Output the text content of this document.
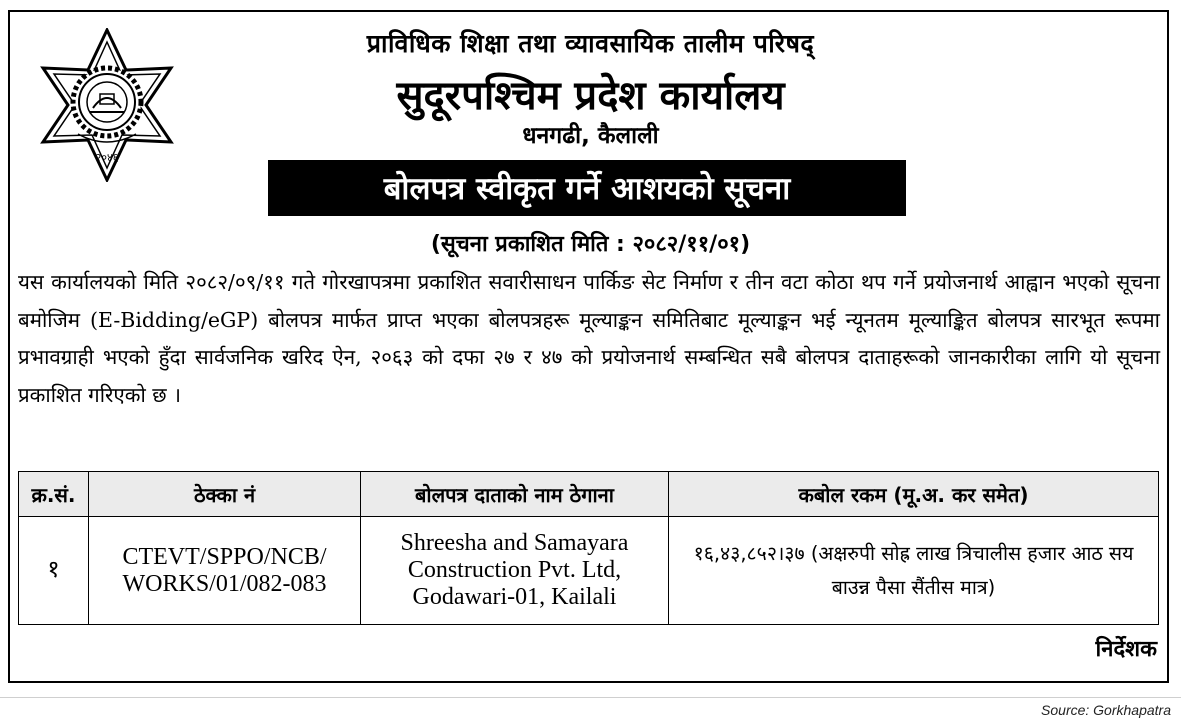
२०४६
प्राविधिक शिक्षा तथा व्यावसायिक तालीम परिषद्
सुदूरपश्चिम प्रदेश कार्यालय
धनगढी, कैलाली
बोलपत्र स्वीकृत गर्ने आशयको सूचना
(सूचना प्रकाशित मिति : २०८२/११/०१)
यस कार्यालयको मिति २०८२/०९/११ गते गोरखापत्रमा प्रकाशित सवारीसाधन पार्किङ सेट निर्माण र तीन वटा कोठा थप गर्ने प्रयोजनार्थ आह्वान भएको सूचना बमोजिम (E-Bidding/eGP) बोलपत्र मार्फत प्राप्त भएका बोलपत्रहरू मूल्याङ्कन समितिबाट मूल्याङ्कन भई न्यूनतम मूल्याङ्कित बोलपत्र सारभूत रूपमा प्रभावग्राही भएको हुँदा सार्वजनिक खरिद ऐन, २०६३ को दफा २७ र ४७ को प्रयोजनार्थ सम्बन्धित सबै बोलपत्र दाताहरूको जानकारीका लागि यो सूचना प्रकाशित गरिएको छ ।
क्र.सं.	ठेक्का नं	बोलपत्र दाताको नाम ठेगाना	कबोल रकम (मू.अ. कर समेत)
१	CTEVT/SPPO/NCB/ WORKS/01/082-083	Shreesha and Samayara Construction Pvt. Ltd, Godawari-01, Kailali	१६,४३,८५२।३७ (अक्षरुपी सोह्र लाख त्रिचालीस हजार आठ सय बाउन्न पैसा सैंतीस मात्र)
निर्देशक
Source: Gorkhapatra
